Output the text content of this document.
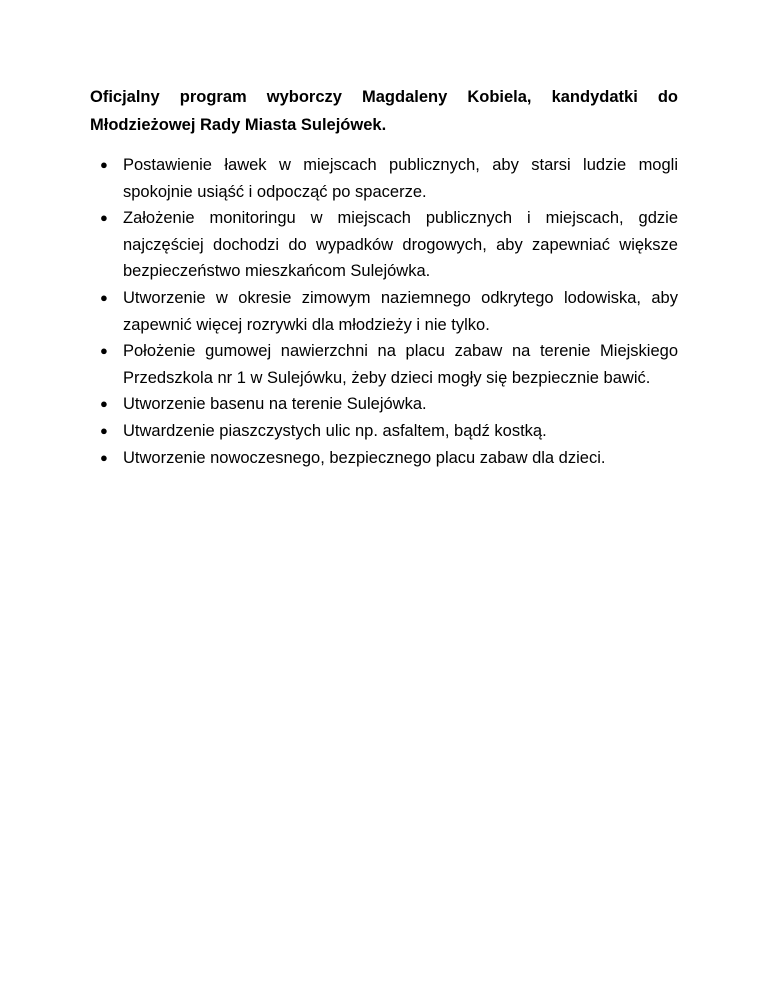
Oficjalny program wyborczy Magdaleny Kobiela, kandydatki do Młodzieżowej Rady Miasta Sulejówek.

● Postawienie ławek w miejscach publicznych, aby starsi ludzie mogli spokojnie usiąść i odpocząć po spacerze.
● Założenie monitoringu w miejscach publicznych i miejscach, gdzie najczęściej dochodzi do wypadków drogowych, aby zapewniać większe bezpieczeństwo mieszkańcom Sulejówka.
● Utworzenie w okresie zimowym naziemnego odkrytego lodowiska, aby zapewnić więcej rozrywki dla młodzieży i nie tylko.
● Położenie gumowej nawierzchni na placu zabaw na terenie Miejskiego Przedszkola nr 1 w Sulejówku, żeby dzieci mogły się bezpiecznie bawić.
● Utworzenie basenu na terenie Sulejówka.
● Utwardzenie piaszczystych ulic np. asfaltem, bądź kostką.
● Utworzenie nowoczesnego, bezpiecznego placu zabaw dla dzieci.
